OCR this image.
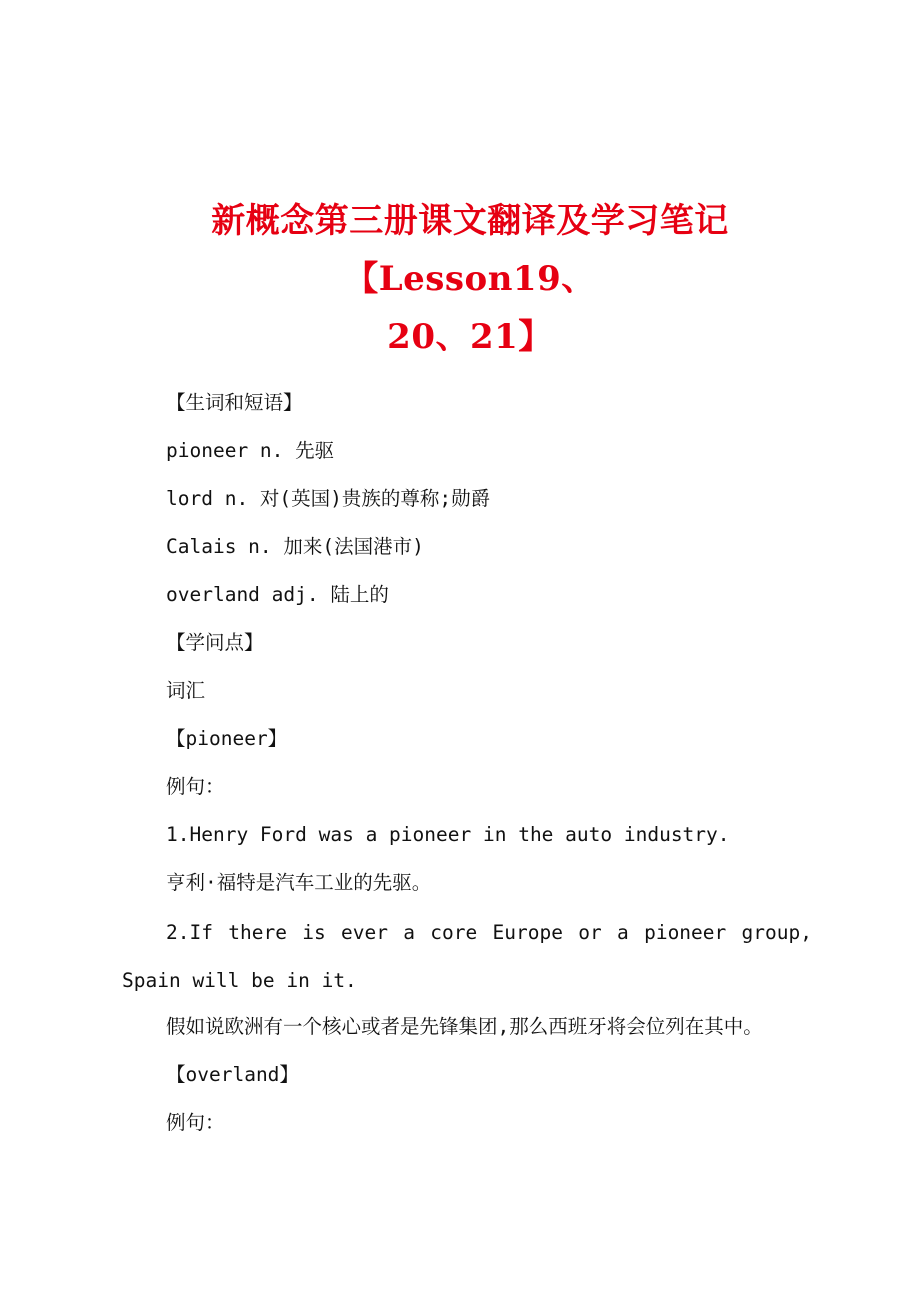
新概念第三册课文翻译及学习笔记【Lesson19、
20、21】
【生词和短语】
pioneer n. 先驱
lord n. 对(英国)贵族的尊称;勋爵
Calais n. 加来(法国港市)
overland adj. 陆上的
【学问点】
词汇
【pioneer】
例句：
1.Henry Ford was a pioneer in the auto industry.
亨利·福特是汽车工业的先驱。
2.If there is ever a core Europe or a pioneer group, Spain will be in it.
假如说欧洲有一个核心或者是先锋集团,那么西班牙将会位列在其中。
【overland】
例句：
